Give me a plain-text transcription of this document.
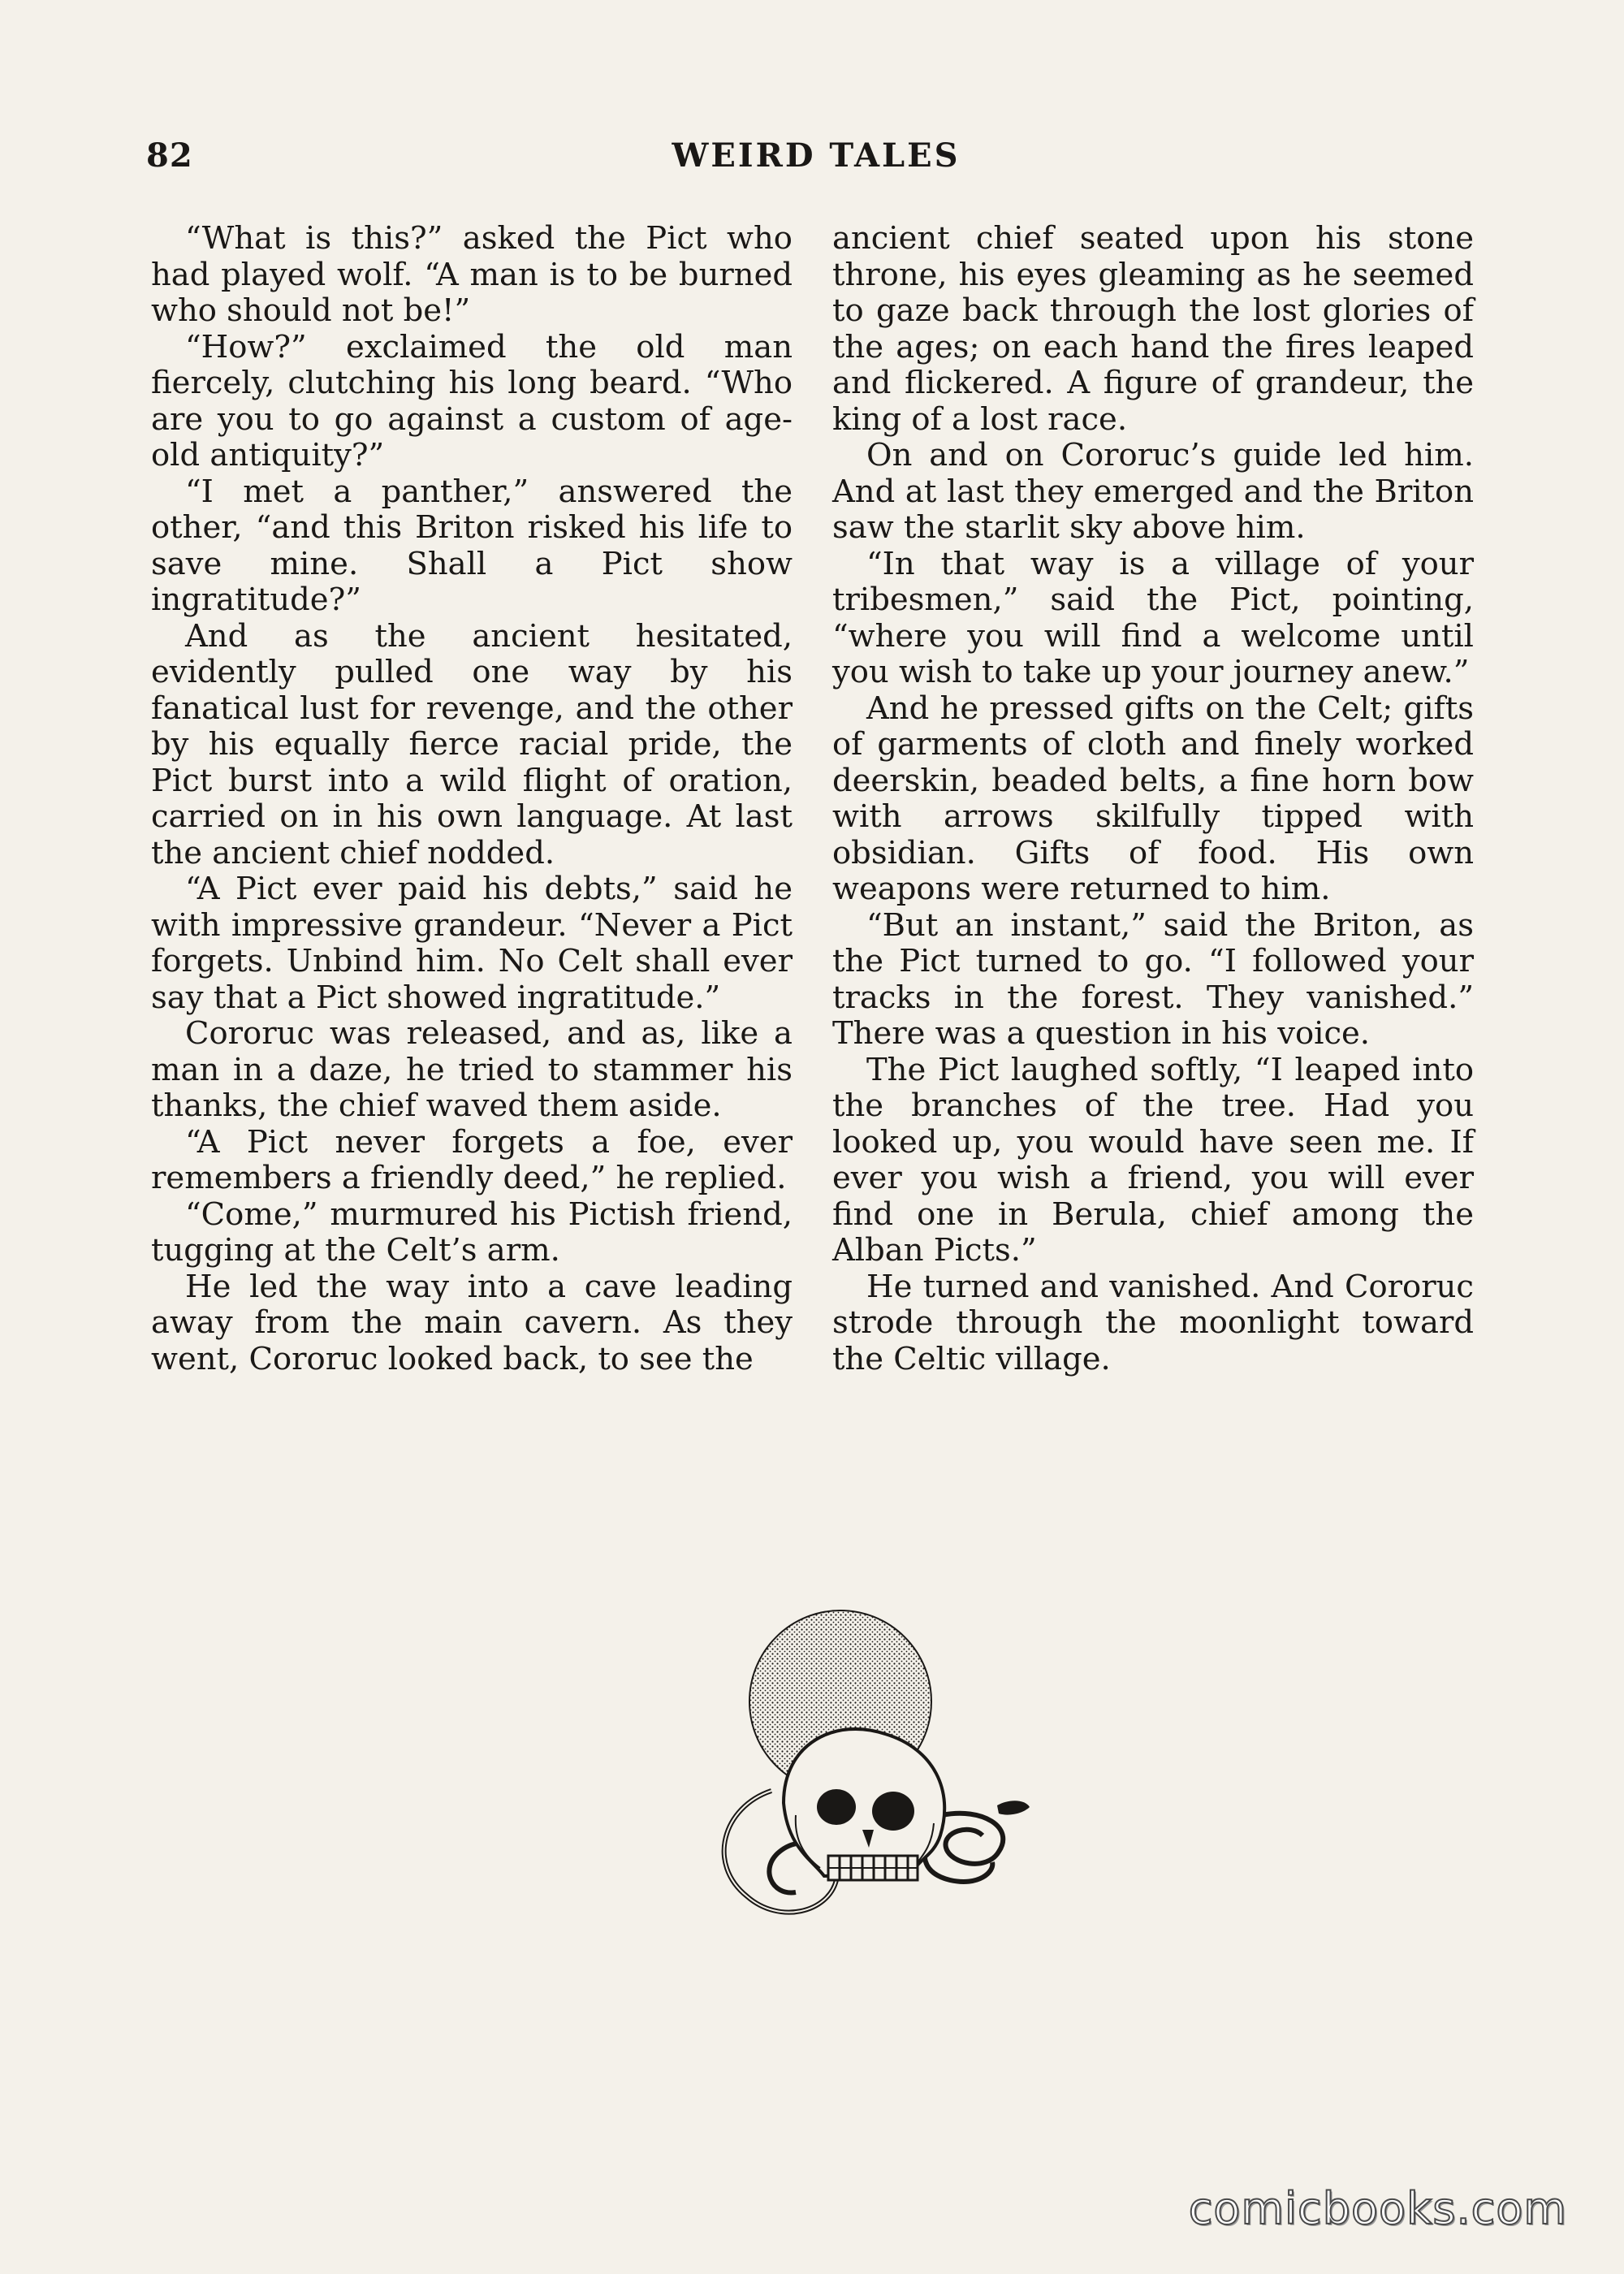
82	WEIRD TALES

“What is this?” asked the Pict who had played wolf. “A man is to be burned who should not be!”

“How?” exclaimed the old man fiercely, clutching his long beard. “Who are you to go against a custom of age-old antiquity?”

“I met a panther,” answered the other, “and this Briton risked his life to save mine. Shall a Pict show ingratitude?”

And as the ancient hesitated, evidently pulled one way by his fanatical lust for revenge, and the other by his equally fierce racial pride, the Pict burst into a wild flight of oration, carried on in his own language. At last the ancient chief nodded.

“A Pict ever paid his debts,” said he with impressive grandeur. “Never a Pict forgets. Unbind him. No Celt shall ever say that a Pict showed ingratitude.”

Cororuc was released, and as, like a man in a daze, he tried to stammer his thanks, the chief waved them aside.

“A Pict never forgets a foe, ever remembers a friendly deed,” he replied.

“Come,” murmured his Pictish friend, tugging at the Celt’s arm.

He led the way into a cave leading away from the main cavern. As they went, Cororuc looked back, to see the

ancient chief seated upon his stone throne, his eyes gleaming as he seemed to gaze back through the lost glories of the ages; on each hand the fires leaped and flickered. A figure of grandeur, the king of a lost race.

On and on Cororuc’s guide led him. And at last they emerged and the Briton saw the starlit sky above him.

“In that way is a village of your tribesmen,” said the Pict, pointing, “where you will find a welcome until you wish to take up your journey anew.”

And he pressed gifts on the Celt; gifts of garments of cloth and finely worked deerskin, beaded belts, a fine horn bow with arrows skilfully tipped with obsidian. Gifts of food. His own weapons were returned to him.

“But an instant,” said the Briton, as the Pict turned to go. “I followed your tracks in the forest. They vanished.” There was a question in his voice.

The Pict laughed softly, “I leaped into the branches of the tree. Had you looked up, you would have seen me. If ever you wish a friend, you will ever find one in Berula, chief among the Alban Picts.”

He turned and vanished. And Cororuc strode through the moonlight toward the Celtic village.

comicbooks.com
